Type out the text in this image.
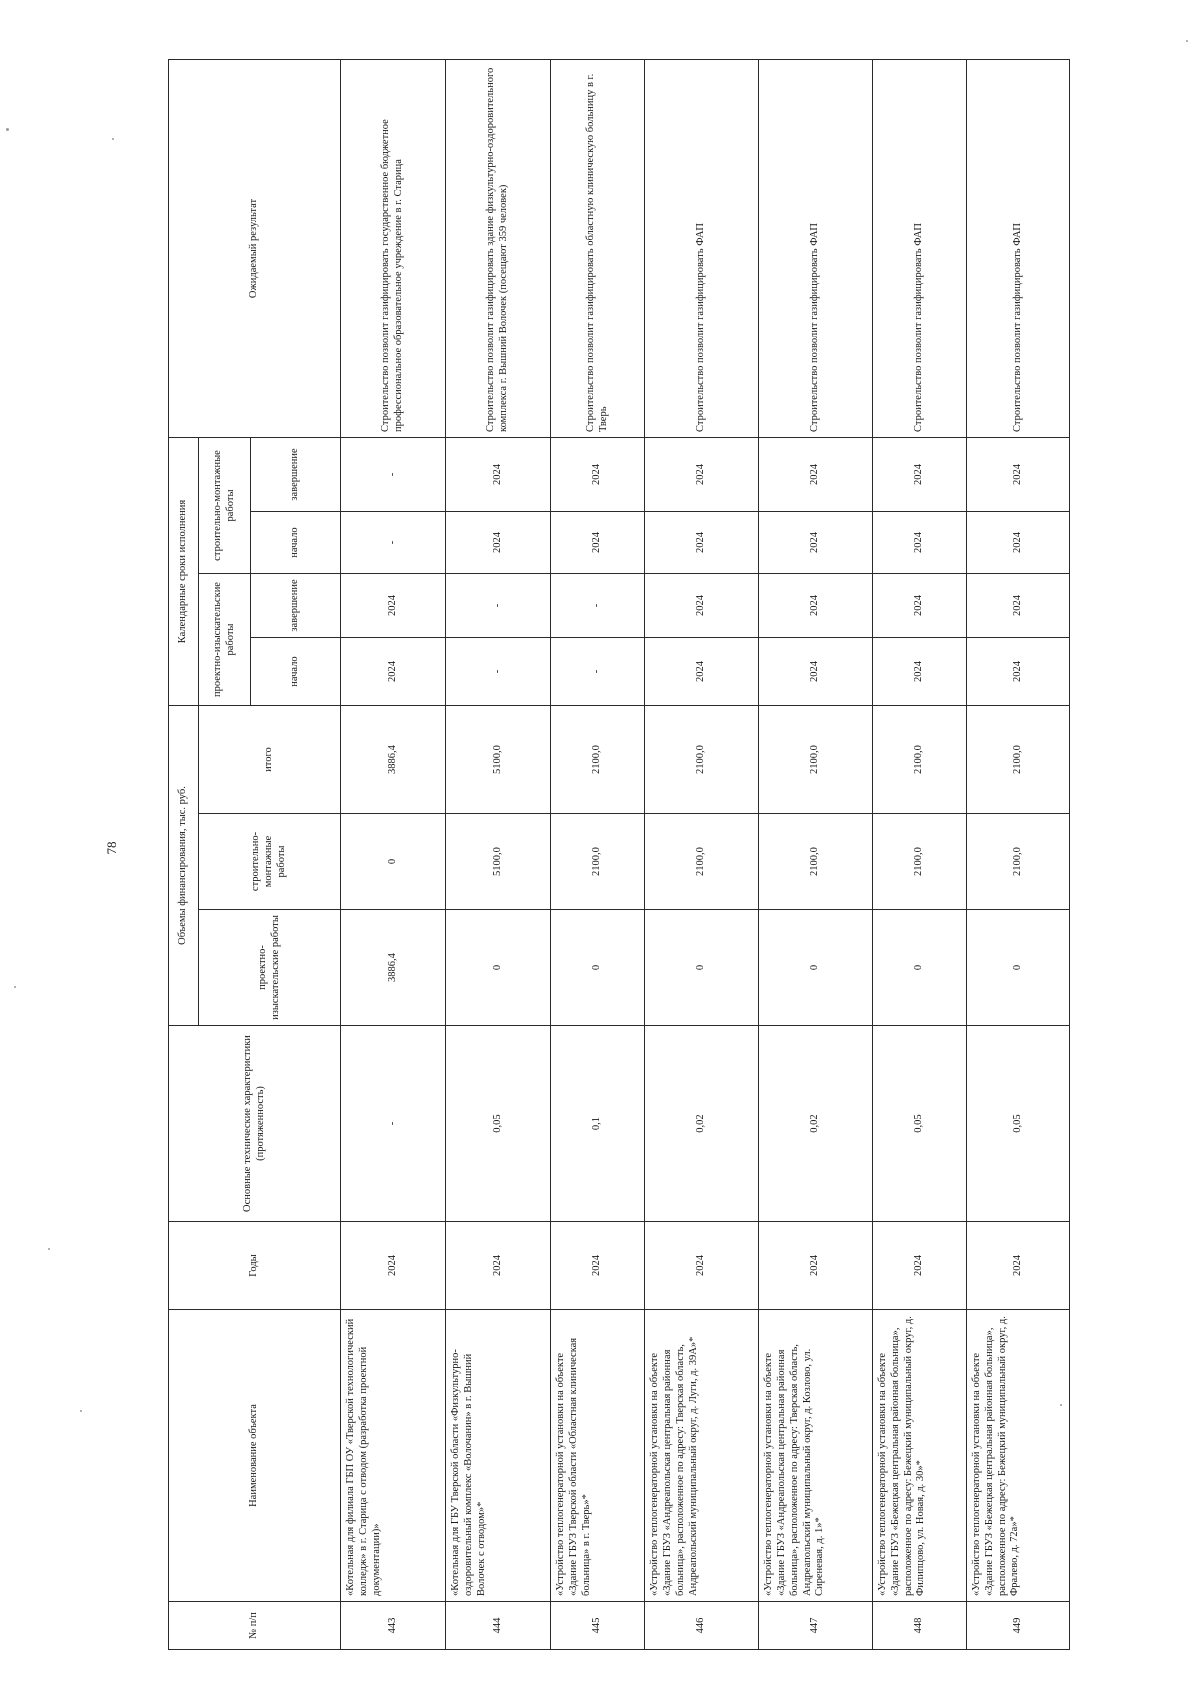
78
№ п/п	Наименование объекта	Годы	Основные технические характеристики (протяженность)	Объемы финансирования, тыс. руб.			Календарные сроки исполнения				Ожидаемый результат
				проектно-изыскательские работы	строительно-монтажные работы	итого	проектно-изыскательские работы		строительно-монтажные работы		
							начало	завершение	начало	завершение	
443	«Котельная для филиала ГБП ОУ «Тверской технологический колледж» в г. Старица с отводом (разработка проектной документации)»	2024	-	3886,4	0	3886,4	2024	2024	-	-	Строительство позволит газифицировать государственное бюджетное профессиональное образовательное учреждение в г. Старица
444	«Котельная для ГБУ Тверской области «Физкультурно-оздоровительный комплекс «Волочанин» в г. Вышний Волочек с отводом»*	2024	0,05	0	5100,0	5100,0	-	-	2024	2024	Строительство позволит газифицировать здание физкультурно-оздоровительного комплекса г. Вышний Волочек (посещают 359 человек)
445	«Устройство теплогенераторной установки на объекте «Здание ГБУЗ Тверской области «Областная клиническая больница» в г. Тверь»*	2024	0,1	0	2100,0	2100,0	-	-	2024	2024	Строительство позволит газифицировать областную клиническую больницу в г. Тверь
446	«Устройство теплогенераторной установки на объекте «Здание ГБУЗ «Андреапольская центральная районная больница», расположенное по адресу: Тверская область, Андреапольский муниципальный округ, д. Луги, д. 39А»*	2024	0,02	0	2100,0	2100,0	2024	2024	2024	2024	Строительство позволит газифицировать ФАП
447	«Устройство теплогенераторной установки на объекте «Здание ГБУЗ «Андреапольская центральная районная больница», расположенное по адресу: Тверская область, Андреапольский муниципальный округ, д. Козлово, ул. Сиреневая, д. 1»*	2024	0,02	0	2100,0	2100,0	2024	2024	2024	2024	Строительство позволит газифицировать ФАП
448	«Устройство теплогенераторной установки на объекте «Здание ГБУЗ «Бежецкая центральная районная больница», расположенное по адресу: Бежецкий муниципальный округ, д. Филипцово, ул. Новая, д. 30»*	2024	0,05	0	2100,0	2100,0	2024	2024	2024	2024	Строительство позволит газифицировать ФАП
449	«Устройство теплогенераторной установки на объекте «Здание ГБУЗ «Бежецкая центральная районная больница», расположенное по адресу: Бежецкий муниципальный округ, д. Фралево, д. 72а»*	2024	0,05	0	2100,0	2100,0	2024	2024	2024	2024	Строительство позволит газифицировать ФАП
